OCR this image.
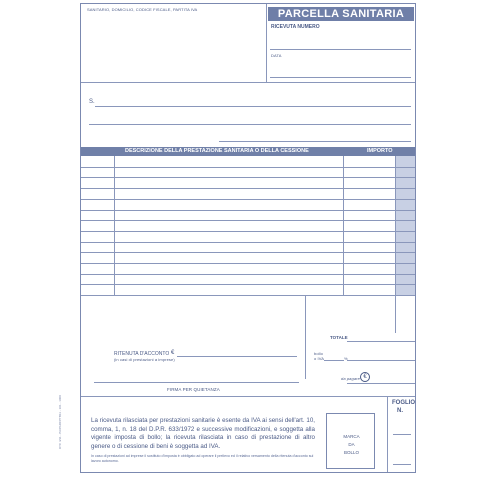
SANITARIO, DOMICILIO, CODICE FISCALE, PARTITA IVA	PARCELLA SANITARIA
RICEVUTA NUMERO
DATA
S.
DESCRIZIONE DELLA PRESTAZIONE SANITARIA O DELLA CESSIONE	IMPORTO
TOTALE
RITENUTA D'ACCONTO €
(in casi di prestazioni a imprese)
bollo
o IVA	%
da pagare €
FIRMA PER QUIETANZA
La ricevuta rilasciata per prestazioni sanitarie è esente da IVA ai sensi dell'art. 10, comma, 1, n. 18 del D.P.R. 633/1972 e successive modificazioni, e soggetta alla vigente imposta di bollo; la ricevuta rilasciata in caso di prestazione di altro genere o di cessione di beni è soggetta ad IVA.
In caso di prestazioni ad imprese il sostituto d'imposta è obbligato ad operare il prelievo ed il relativo versamento della ritenuta d'acconto sul lavoro autonomo.
MARCA
DA
BOLLO
FOGLIO
N.
DTC 4/11 - PA/PARCPTB11 - 101 - 1000
